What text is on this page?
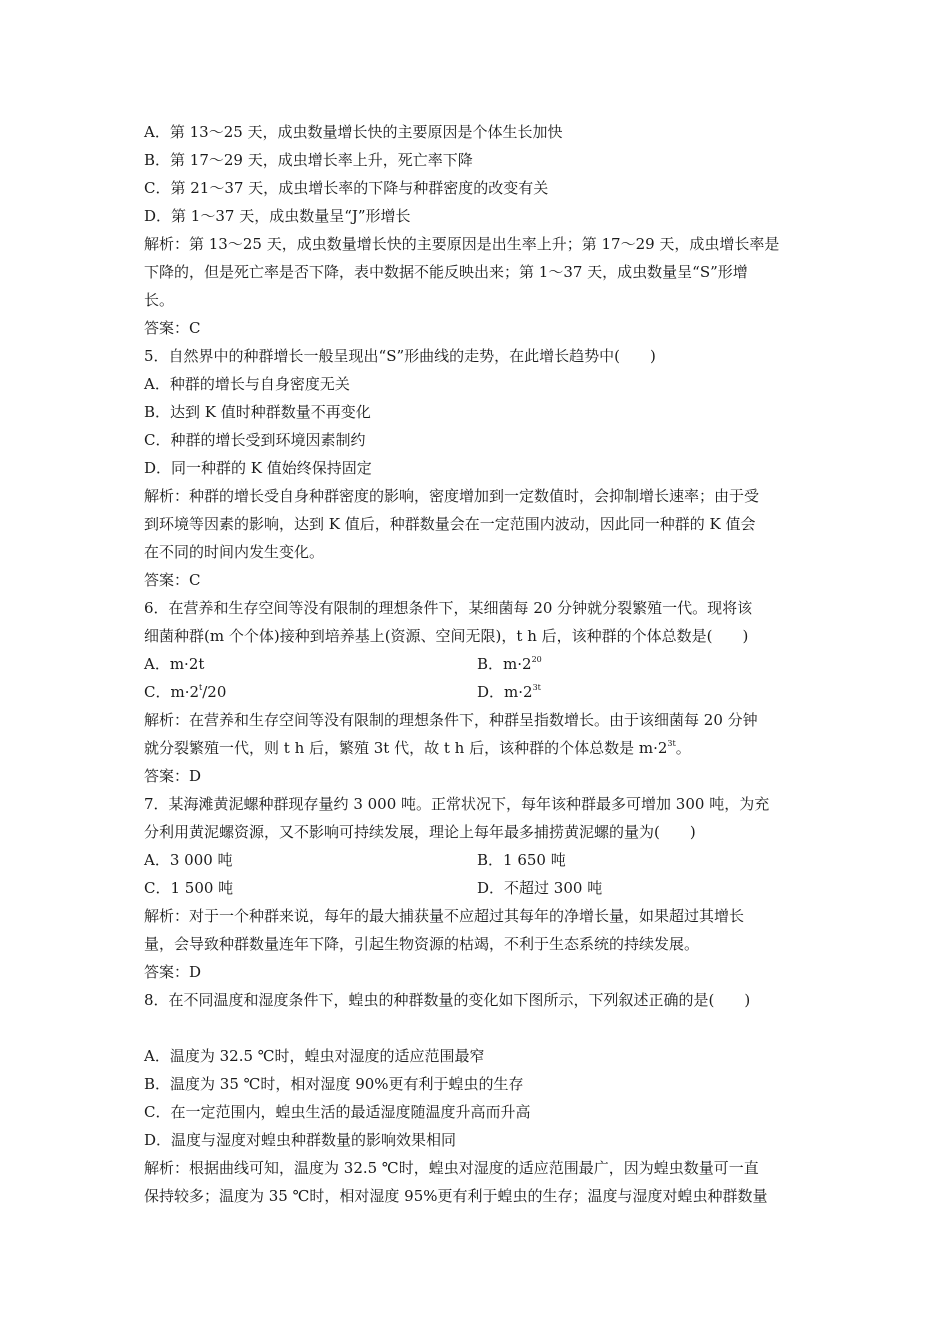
A．第 13～25 天，成虫数量增长快的主要原因是个体生长加快
B．第 17～29 天，成虫增长率上升，死亡率下降
C．第 21～37 天，成虫增长率的下降与种群密度的改变有关
D．第 1～37 天，成虫数量呈“J”形增长
解析：第 13～25 天，成虫数量增长快的主要原因是出生率上升；第 17～29 天，成虫增长率是
下降的，但是死亡率是否下降，表中数据不能反映出来；第 1～37 天，成虫数量呈“S”形增
长。
答案：C
5．自然界中的种群增长一般呈现出“S”形曲线的走势，在此增长趋势中(　　)
A．种群的增长与自身密度无关
B．达到 K 值时种群数量不再变化
C．种群的增长受到环境因素制约
D．同一种群的 K 值始终保持固定
解析：种群的增长受自身种群密度的影响，密度增加到一定数值时，会抑制增长速率；由于受
到环境等因素的影响，达到 K 值后，种群数量会在一定范围内波动，因此同一种群的 K 值会
在不同的时间内发生变化。
答案：C
6．在营养和生存空间等没有限制的理想条件下，某细菌每 20 分钟就分裂繁殖一代。现将该
细菌种群(m 个个体)接种到培养基上(资源、空间无限)，t h 后，该种群的个体总数是(　　)
A．m·2t	B．$m\cdot 2^{20}$
C．$m\cdot 2^t/20$	D．$m\cdot 2^{3t}$
解析：在营养和生存空间等没有限制的理想条件下，种群呈指数增长。由于该细菌每 20 分钟
就分裂繁殖一代，则 t h 后，繁殖 3t 代，故 t h 后，该种群的个体总数是 $m\cdot 2^{3t}$。
答案：D
7．某海滩黄泥螺种群现存量约 3 000 吨。正常状况下，每年该种群最多可增加 300 吨，为充
分利用黄泥螺资源，又不影响可持续发展，理论上每年最多捕捞黄泥螺的量为(　　)
A．3 000 吨	B．1 650 吨
C．1 500 吨	D．不超过 300 吨
解析：对于一个种群来说，每年的最大捕获量不应超过其每年的净增长量，如果超过其增长
量，会导致种群数量连年下降，引起生物资源的枯竭，不利于生态系统的持续发展。
答案：D
8．在不同温度和湿度条件下，蝗虫的种群数量的变化如下图所示，下列叙述正确的是(　　)
A．温度为 32.5 ℃时，蝗虫对湿度的适应范围最窄
B．温度为 35 ℃时，相对湿度 90%更有利于蝗虫的生存
C．在一定范围内，蝗虫生活的最适湿度随温度升高而升高
D．温度与湿度对蝗虫种群数量的影响效果相同
解析：根据曲线可知，温度为 32.5 ℃时，蝗虫对湿度的适应范围最广，因为蝗虫数量可一直
保持较多；温度为 35 ℃时，相对湿度 95%更有利于蝗虫的生存；温度与湿度对蝗虫种群数量
